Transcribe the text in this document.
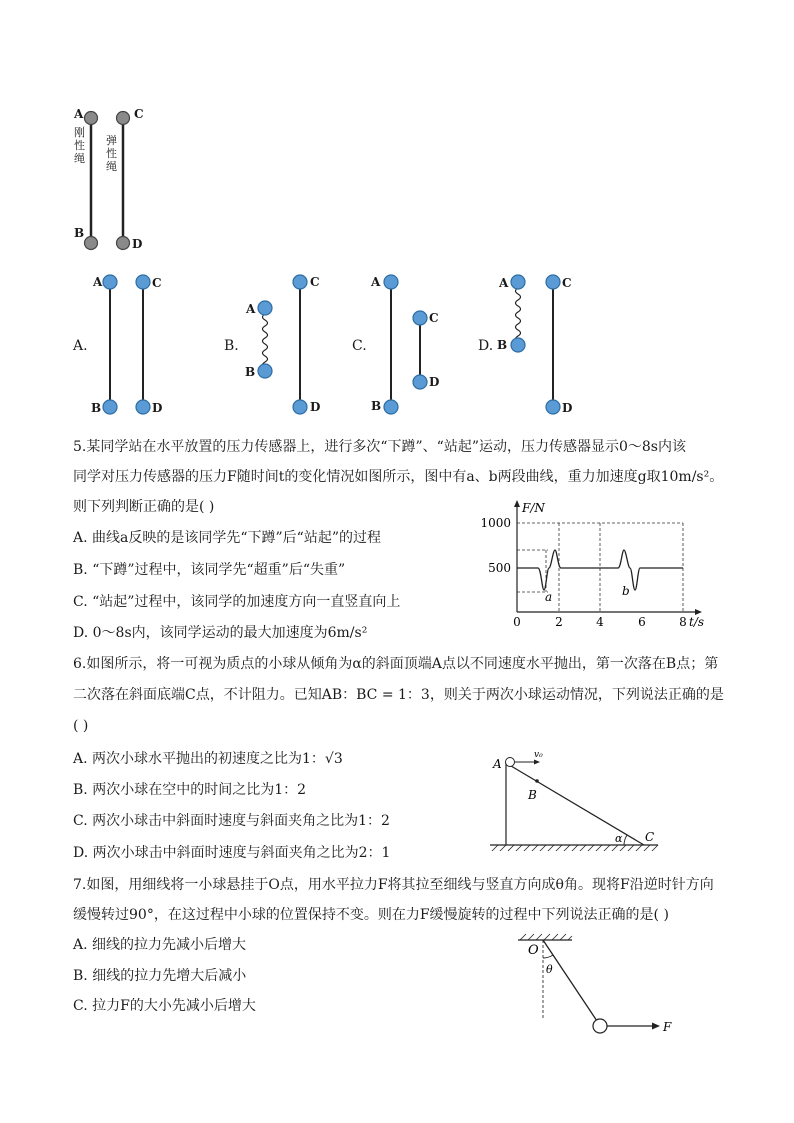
A
B
C
D
刚
性
绳
弹
性
绳
A.
A
B
C
D
B.
A
B
C
D
C.
A
B
C
D
D.
A
B
C
D
5.某同学站在水平放置的压力传感器上，进行多次“下蹲”、“站起”运动，压力传感器显示0～8s内该
同学对压力传感器的压力F随时间t的变化情况如图所示，图中有a、b两段曲线，重力加速度g取10m/s²。
则下列判断正确的是( )
A. 曲线a反映的是该同学先“下蹲”后“站起”的过程
B. “下蹲”过程中，该同学先“超重”后“失重”
C. “站起”过程中，该同学的加速度方向一直竖直向上
D. 0～8s内，该同学运动的最大加速度为6m/s²
1000
500
0	2	4	6	8
F/N
t/s
a	b
6.如图所示，将一可视为质点的小球从倾角为α的斜面顶端A点以不同速度水平抛出，第一次落在B点；第
二次落在斜面底端C点，不计阻力。已知AB：BC = 1：3，则关于两次小球运动情况，下列说法正确的是
( )
A. 两次小球水平抛出的初速度之比为1：√3
B. 两次小球在空中的时间之比为1：2
C. 两次小球击中斜面时速度与斜面夹角之比为1：2
D. 两次小球击中斜面时速度与斜面夹角之比为2：1
A
B
C
v₀
α
7.如图，用细线将一小球悬挂于O点，用水平拉力F将其拉至细线与竖直方向成θ角。现将F沿逆时针方向
缓慢转过90°，在这过程中小球的位置保持不变。则在力F缓慢旋转的过程中下列说法正确的是( )
A. 细线的拉力先减小后增大
B. 细线的拉力先增大后减小
C. 拉力F的大小先减小后增大
O
θ
F
